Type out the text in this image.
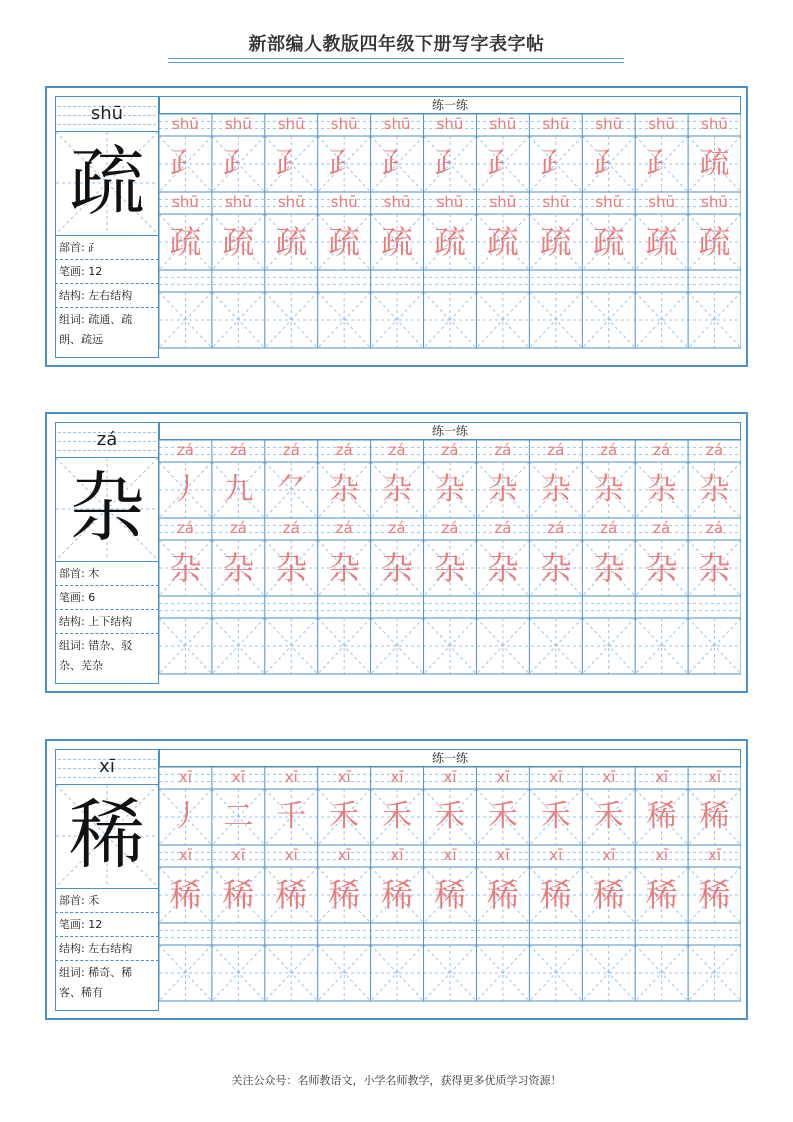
新部编人教版四年级下册写字表字帖
shū
疏
部首: ⺪
笔画: 12
结构: 左右结构
组词: 疏通、疏
朗、疏远
练一练
shū
⺪
shū
⺪
shū
⺪
shū
⺪
shū
⺪
shū
⺪
shū
⺪
shū
⺪
shū
⺪
shū
⺪
shū
疏
shū
疏
shū
疏
shū
疏
shū
疏
shū
疏
shū
疏
shū
疏
shū
疏
shū
疏
shū
疏
shū
疏
zá
杂
部首: 木
笔画: 6
结构: 上下结构
组词: 错杂、驳
杂、芜杂
练一练
zá
丿
zá
九
zá
⺈
zá
杂
zá
杂
zá
杂
zá
杂
zá
杂
zá
杂
zá
杂
zá
杂
zá
杂
zá
杂
zá
杂
zá
杂
zá
杂
zá
杂
zá
杂
zá
杂
zá
杂
zá
杂
zá
杂
xī
稀
部首: 禾
笔画: 12
结构: 左右结构
组词: 稀奇、稀
客、稀有
练一练
xī
丿
xī
二
xī
千
xī
禾
xī
禾
xī
禾
xī
禾
xī
禾
xī
禾
xī
稀
xī
稀
xī
稀
xī
稀
xī
稀
xī
稀
xī
稀
xī
稀
xī
稀
xī
稀
xī
稀
xī
稀
xī
稀
关注公众号：名师教语文，小学名师教学，获得更多优质学习资源！
